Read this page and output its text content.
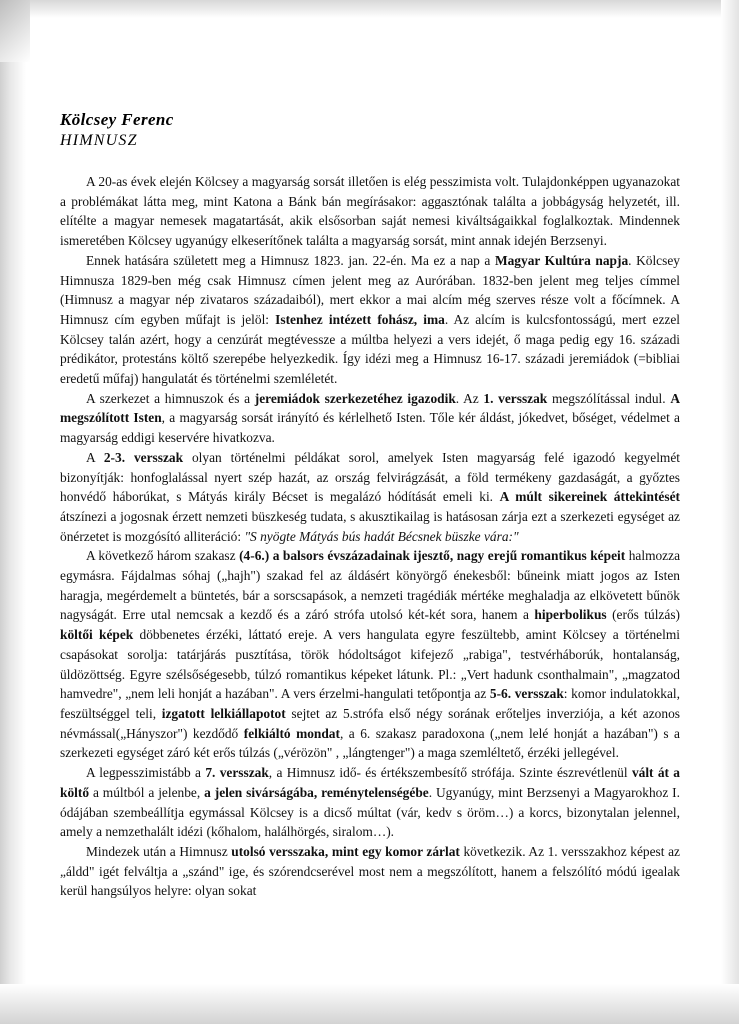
Kölcsey Ferenc
HIMNUSZ

A 20-as évek elején Kölcsey a magyarság sorsát illetően is elég pesszimista volt. Tulajdonképpen ugyanazokat a problémákat látta meg, mint Katona a Bánk bán megírásakor: aggasztónak találta a jobbágyság helyzetét, ill. elítélte a magyar nemesek magatartását, akik elsősorban saját nemesi kiváltságaikkal foglalkoztak. Mindennek ismeretében Kölcsey ugyanúgy elkeserítőnek találta a magyarság sorsát, mint annak idején Berzsenyi.

Ennek hatására született meg a Himnusz 1823. jan. 22-én. Ma ez a nap a Magyar Kultúra napja. Kölcsey Himnusza 1829-ben még csak Himnusz címen jelent meg az Aurórában. 1832-ben jelent meg teljes címmel (Himnusz a magyar nép zivataros századaiból), mert ekkor a mai alcím még szerves része volt a főcímnek. A Himnusz cím egyben műfajt is jelöl: Istenhez intézett fohász, ima. Az alcím is kulcsfontosságú, mert ezzel Kölcsey talán azért, hogy a cenzúrát megtévessze a múltba helyezi a vers idejét, ő maga pedig egy 16. századi prédikátor, protestáns költő szerepébe helyezkedik. Így idézi meg a Himnusz 16-17. századi jeremiádok (=bibliai eredetű műfaj) hangulatát és történelmi szemléletét.

A szerkezet a himnuszok és a jeremiádok szerkezetéhez igazodik. Az 1. versszak megszólítással indul. A megszólított Isten, a magyarság sorsát irányító és kérlelhető Isten. Tőle kér áldást, jókedvet, bőséget, védelmet a magyarság eddigi keservére hivatkozva.

A 2-3. versszak olyan történelmi példákat sorol, amelyek Isten magyarság felé igazodó kegyelmét bizonyítják: honfoglalással nyert szép hazát, az ország felvirágzását, a föld termékeny gazdaságát, a győztes honvédő háborúkat, s Mátyás király Bécset is megalázó hódítását emeli ki. A múlt sikereinek áttekintését átszínezi a jogosnak érzett nemzeti büszkeség tudata, s akusztikailag is hatásosan zárja ezt a szerkezeti egységet az önérzetet is mozgósító alliteráció: "S nyögte Mátyás bús hadát Bécsnek büszke vára:"

A következő három szakasz (4-6.) a balsors évszázadainak ijesztő, nagy erejű romantikus képeit halmozza egymásra. Fájdalmas sóhaj („hajh") szakad fel az áldásért könyörgő énekesből: bűneink miatt jogos az Isten haragja, megérdemelt a büntetés, bár a sorscsapások, a nemzeti tragédiák mértéke meghaladja az elkövetett bűnök nagyságát. Erre utal nemcsak a kezdő és a záró strófa utolsó két-két sora, hanem a hiperbolikus (erős túlzás) költői képek döbbenetes érzéki, láttató ereje. A vers hangulata egyre feszültebb, amint Kölcsey a történelmi csapásokat sorolja: tatárjárás pusztítása, török hódoltságot kifejező „rabiga", testvérháborúk, hontalanság, üldözöttség. Egyre szélsőségesebb, túlzó romantikus képeket látunk. Pl.: „Vert hadunk csonthalmain", „magzatod hamvedre", „nem leli honját a hazában". A vers érzelmi-hangulati tetőpontja az 5-6. versszak: komor indulatokkal, feszültséggel teli, izgatott lelkiállapotot sejtet az 5.strófa első négy sorának erőteljes inverziója, a két azonos névmással(„Hányszor") kezdődő felkiáltó mondat, a 6. szakasz paradoxona („nem lelé honját a hazában") s a szerkezeti egységet záró két erős túlzás („vérözön" , „lángtenger") a maga szemléltető, érzéki jellegével.

A legpesszimistább a 7. versszak, a Himnusz idő- és értékszembesítő strófája. Szinte észrevétlenül vált át a költő a múltból a jelenbe, a jelen sivárságába, reménytelenségébe. Ugyanúgy, mint Berzsenyi a Magyarokhoz I. ódájában szembeállítja egymással Kölcsey is a dicső múltat (vár, kedv s öröm…) a korcs, bizonytalan jelennel, amely a nemzethalált idézi (kőhalom, halálhörgés, siralom…).

Mindezek után a Himnusz utolsó versszaka, mint egy komor zárlat következik. Az 1. versszakhoz képest az „áldd" igét felváltja a „szánd" ige, és szórendcserével most nem a megszólított, hanem a felszólító módú igealak kerül hangsúlyos helyre: olyan sokat
